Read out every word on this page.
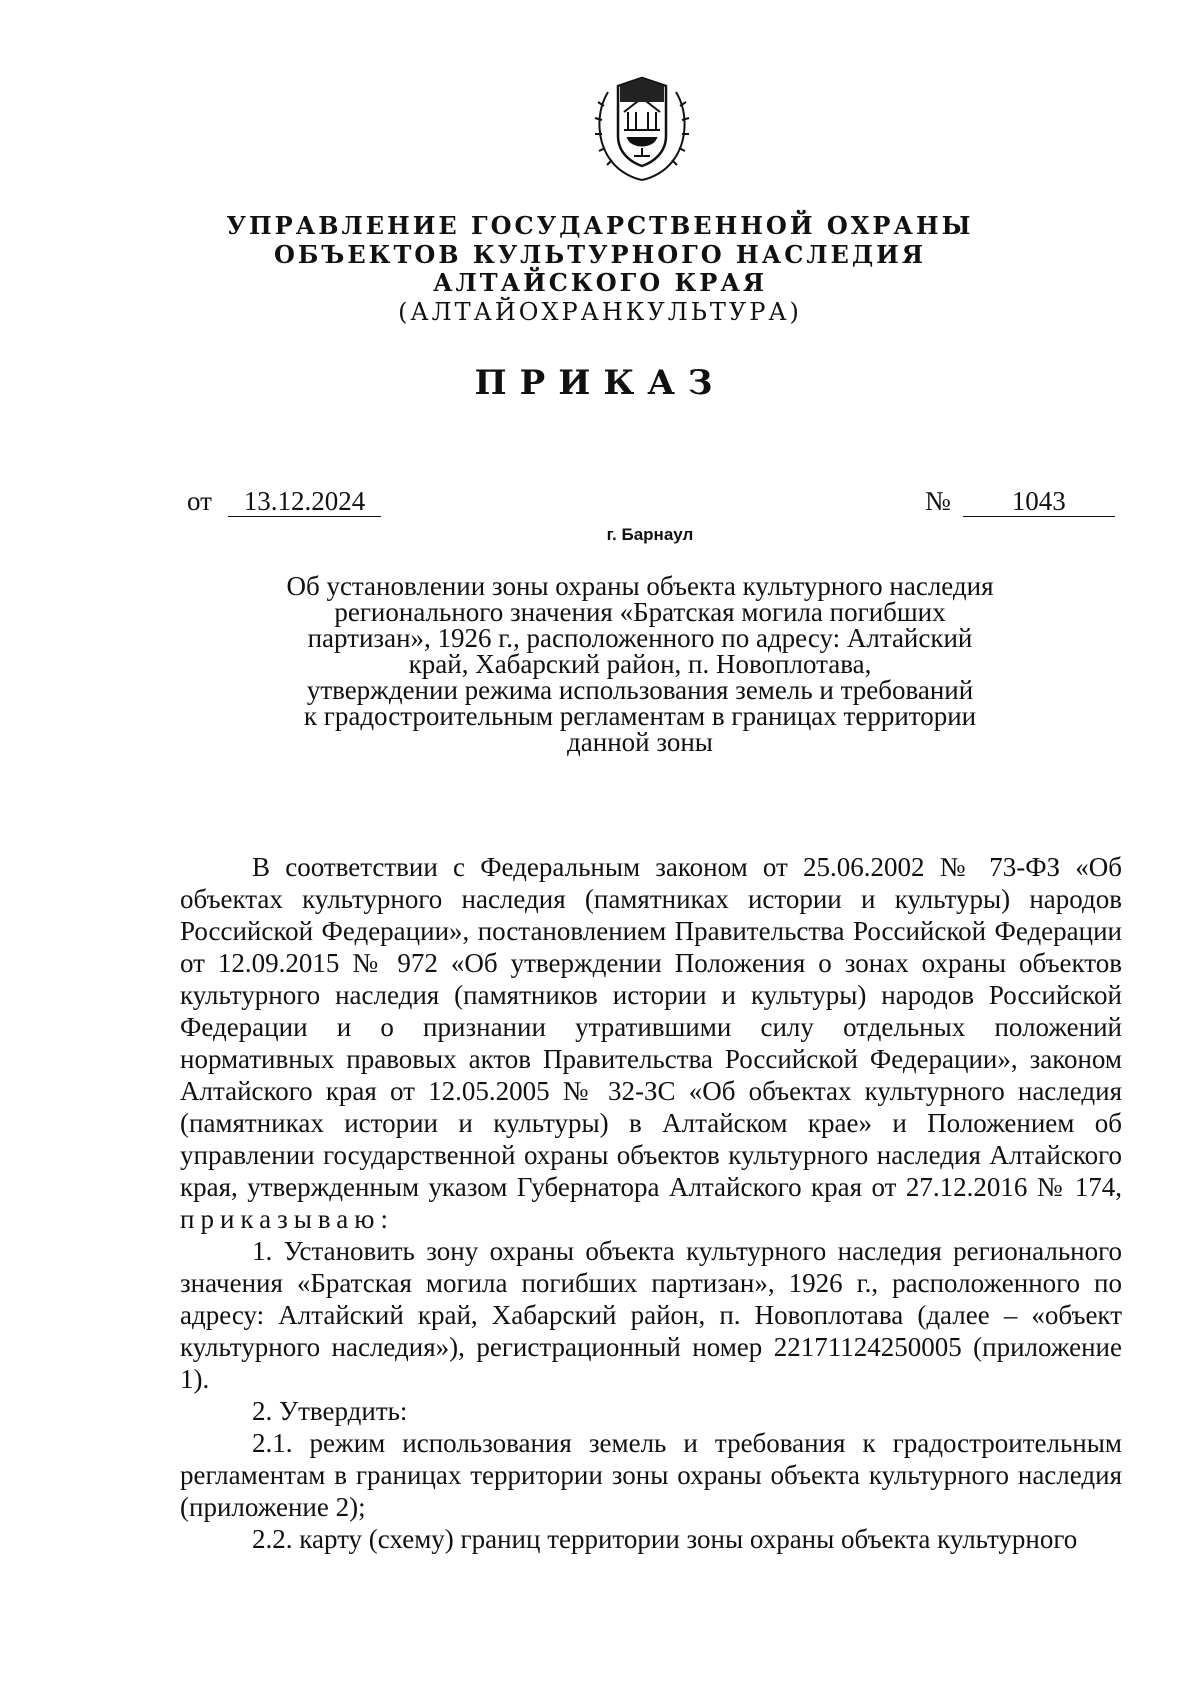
УПРАВЛЕНИЕ ГОСУДАРСТВЕННОЙ ОХРАНЫ
ОБЪЕКТОВ КУЛЬТУРНОГО НАСЛЕДИЯ
АЛТАЙСКОГО КРАЯ
(АЛТАЙОХРАНКУЛЬТУРА)
ПРИКАЗ
от 13.12.2024	№ 1043
г. Барнаул
Об установлении зоны охраны объекта культурного наследия
регионального значения «Братская могила погибших
партизан», 1926 г., расположенного по адресу: Алтайский
край, Хабарский район, п. Новоплотава,
утверждении режима использования земель и требований
к градостроительным регламентам в границах территории
данной зоны

В соответствии с Федеральным законом от 25.06.2002 № 73-ФЗ «Об объектах культурного наследия (памятниках истории и культуры) народов Российской Федерации», постановлением Правительства Российской Федерации от 12.09.2015 № 972 «Об утверждении Положения о зонах охраны объектов культурного наследия (памятников истории и культуры) народов Российской Федерации и о признании утратившими силу отдельных положений нормативных правовых актов Правительства Российской Федерации», законом Алтайского края от 12.05.2005 № 32-ЗС «Об объектах культурного наследия (памятниках истории и культуры) в Алтайском крае» и Положением об управлении государственной охраны объектов культурного наследия Алтайского края, утвержденным указом Губернатора Алтайского края от 27.12.2016 № 174, приказываю:

1. Установить зону охраны объекта культурного наследия регионального значения «Братская могила погибших партизан», 1926 г., расположенного по адресу: Алтайский край, Хабарский район, п. Новоплотава (далее – «объект культурного наследия»), регистрационный номер 22171124250005 (приложение 1).

2. Утвердить:

2.1. режим использования земель и требования к градостроительным регламентам в границах территории зоны охраны объекта культурного наследия (приложение 2);

2.2. карту (схему) границ территории зоны охраны объекта культурного
